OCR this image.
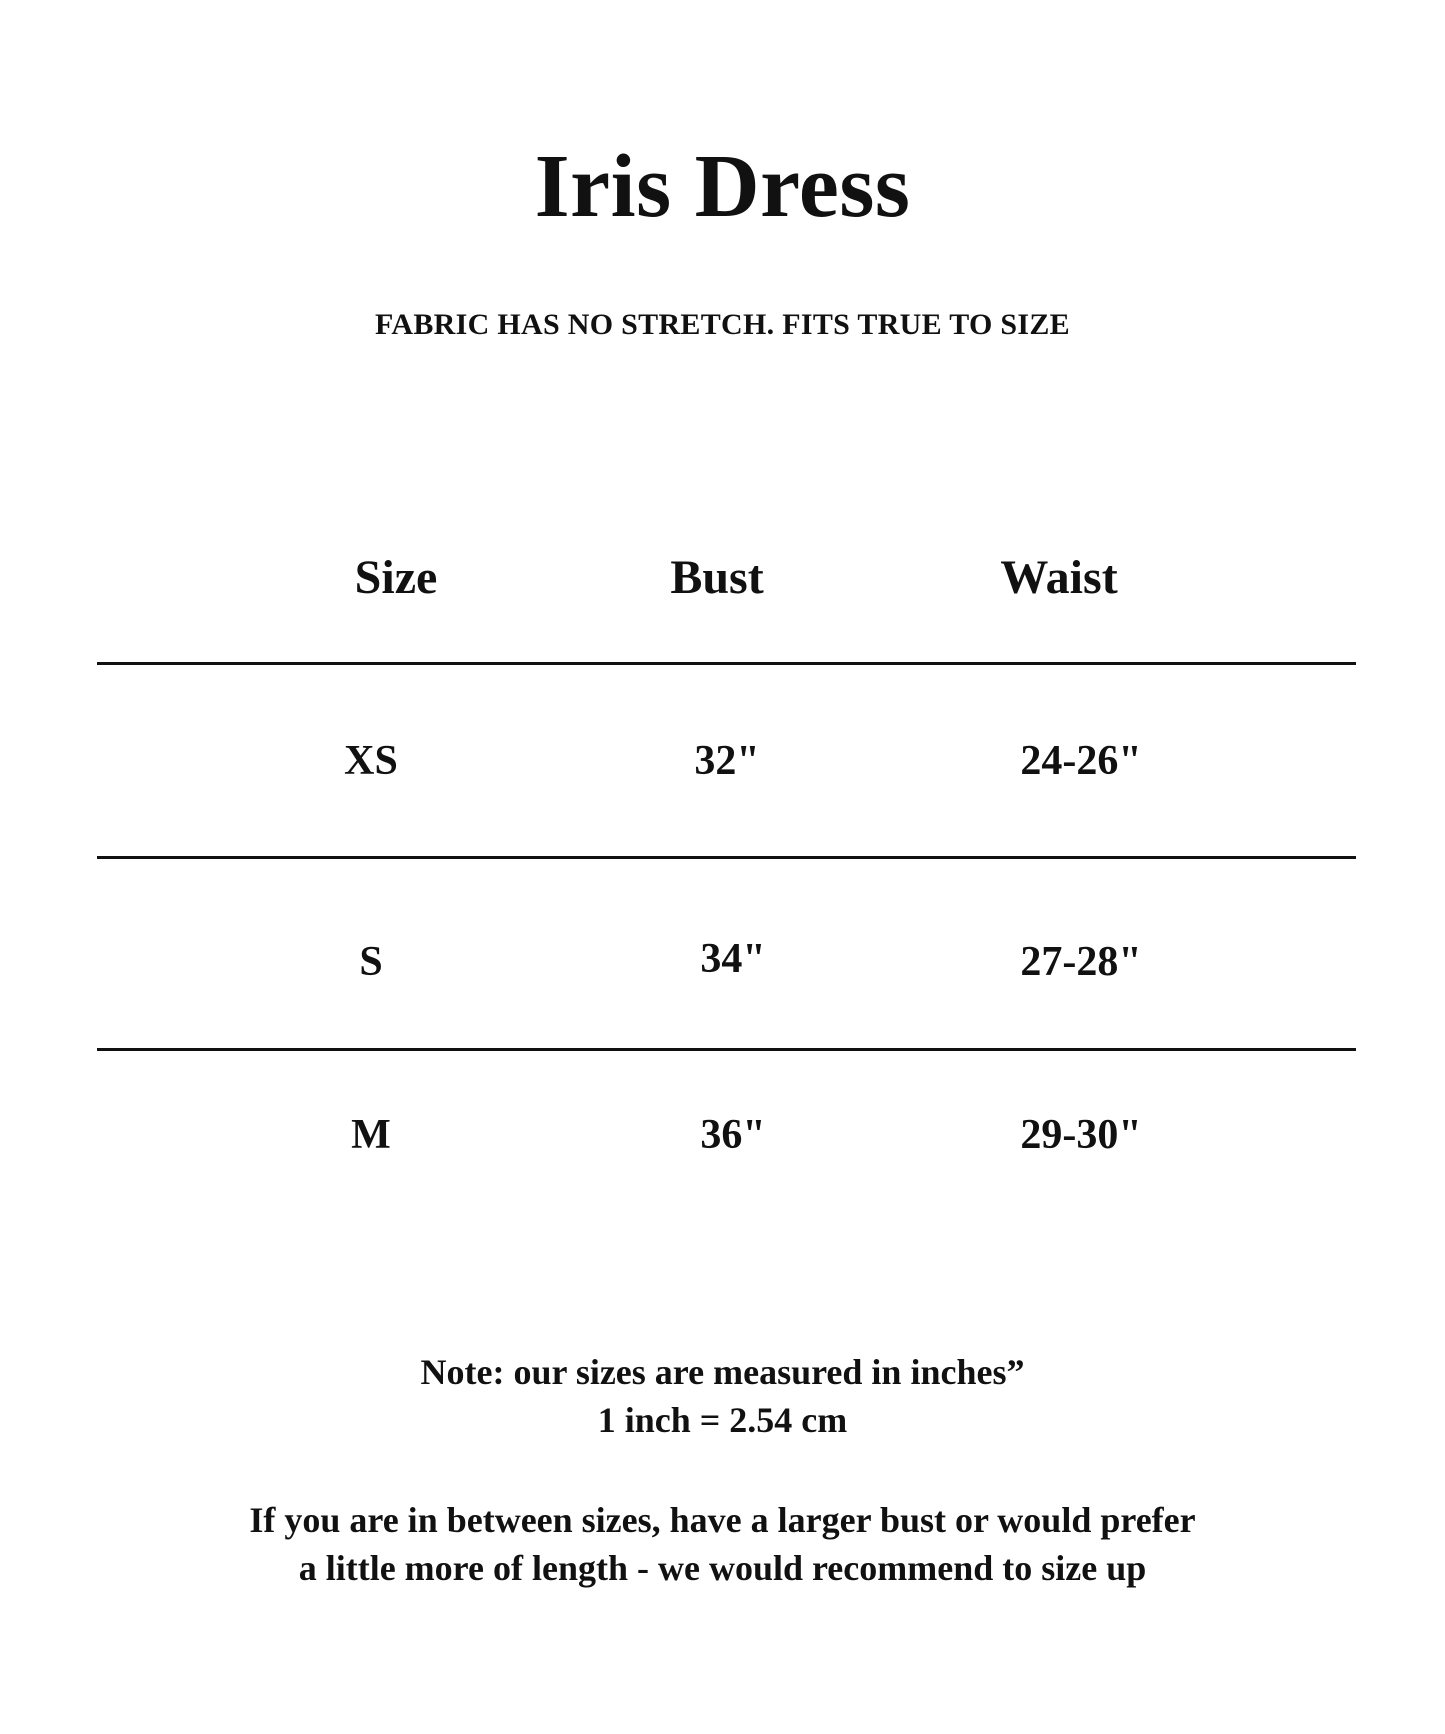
Iris Dress
FABRIC HAS NO STRETCH. FITS TRUE TO SIZE
Size	Bust	Waist
XS	32"	24-26"
S	34"	27-28"
M	36"	29-30"
Note: our sizes are measured in inches”
1 inch = 2.54 cm
If you are in between sizes, have a larger bust or would prefer
a little more of length - we would recommend to size up
